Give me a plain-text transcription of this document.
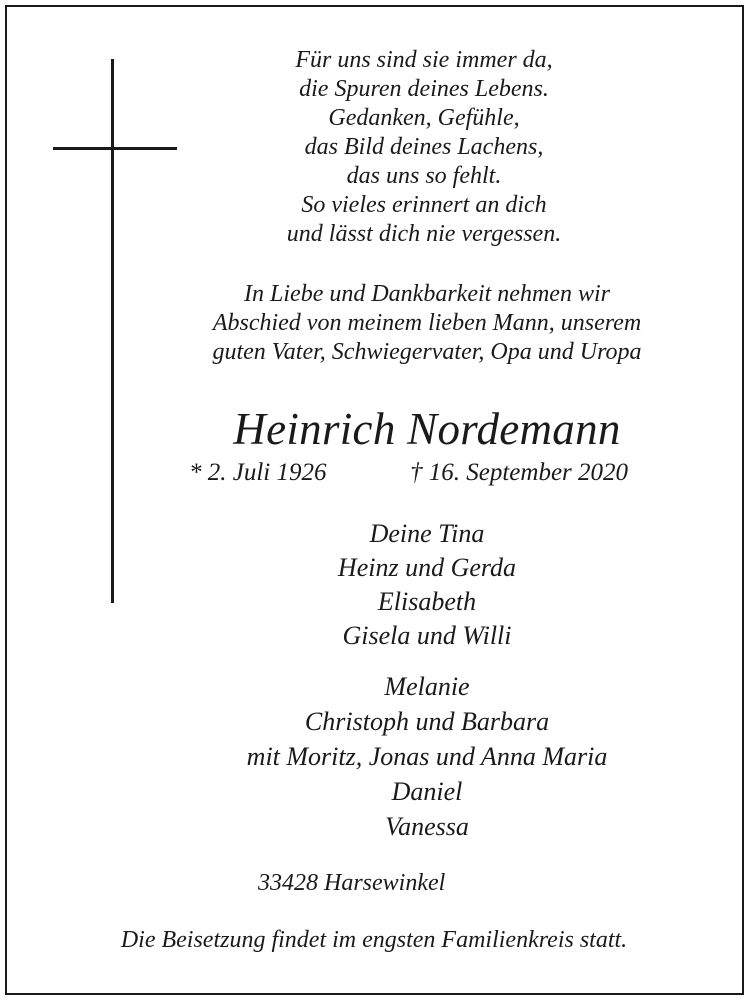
Für uns sind sie immer da,
die Spuren deines Lebens.
Gedanken, Gefühle,
das Bild deines Lachens,
das uns so fehlt.
So vieles erinnert an dich
und lässt dich nie vergessen.
In Liebe und Dankbarkeit nehmen wir
Abschied von meinem lieben Mann, unserem
guten Vater, Schwiegervater, Opa und Uropa
Heinrich Nordemann
* 2. Juli 1926	† 16. September 2020
Deine Tina
Heinz und Gerda
Elisabeth
Gisela und Willi
Melanie
Christoph und Barbara
mit Moritz, Jonas und Anna Maria
Daniel
Vanessa
33428 Harsewinkel
Die Beisetzung findet im engsten Familienkreis statt.
